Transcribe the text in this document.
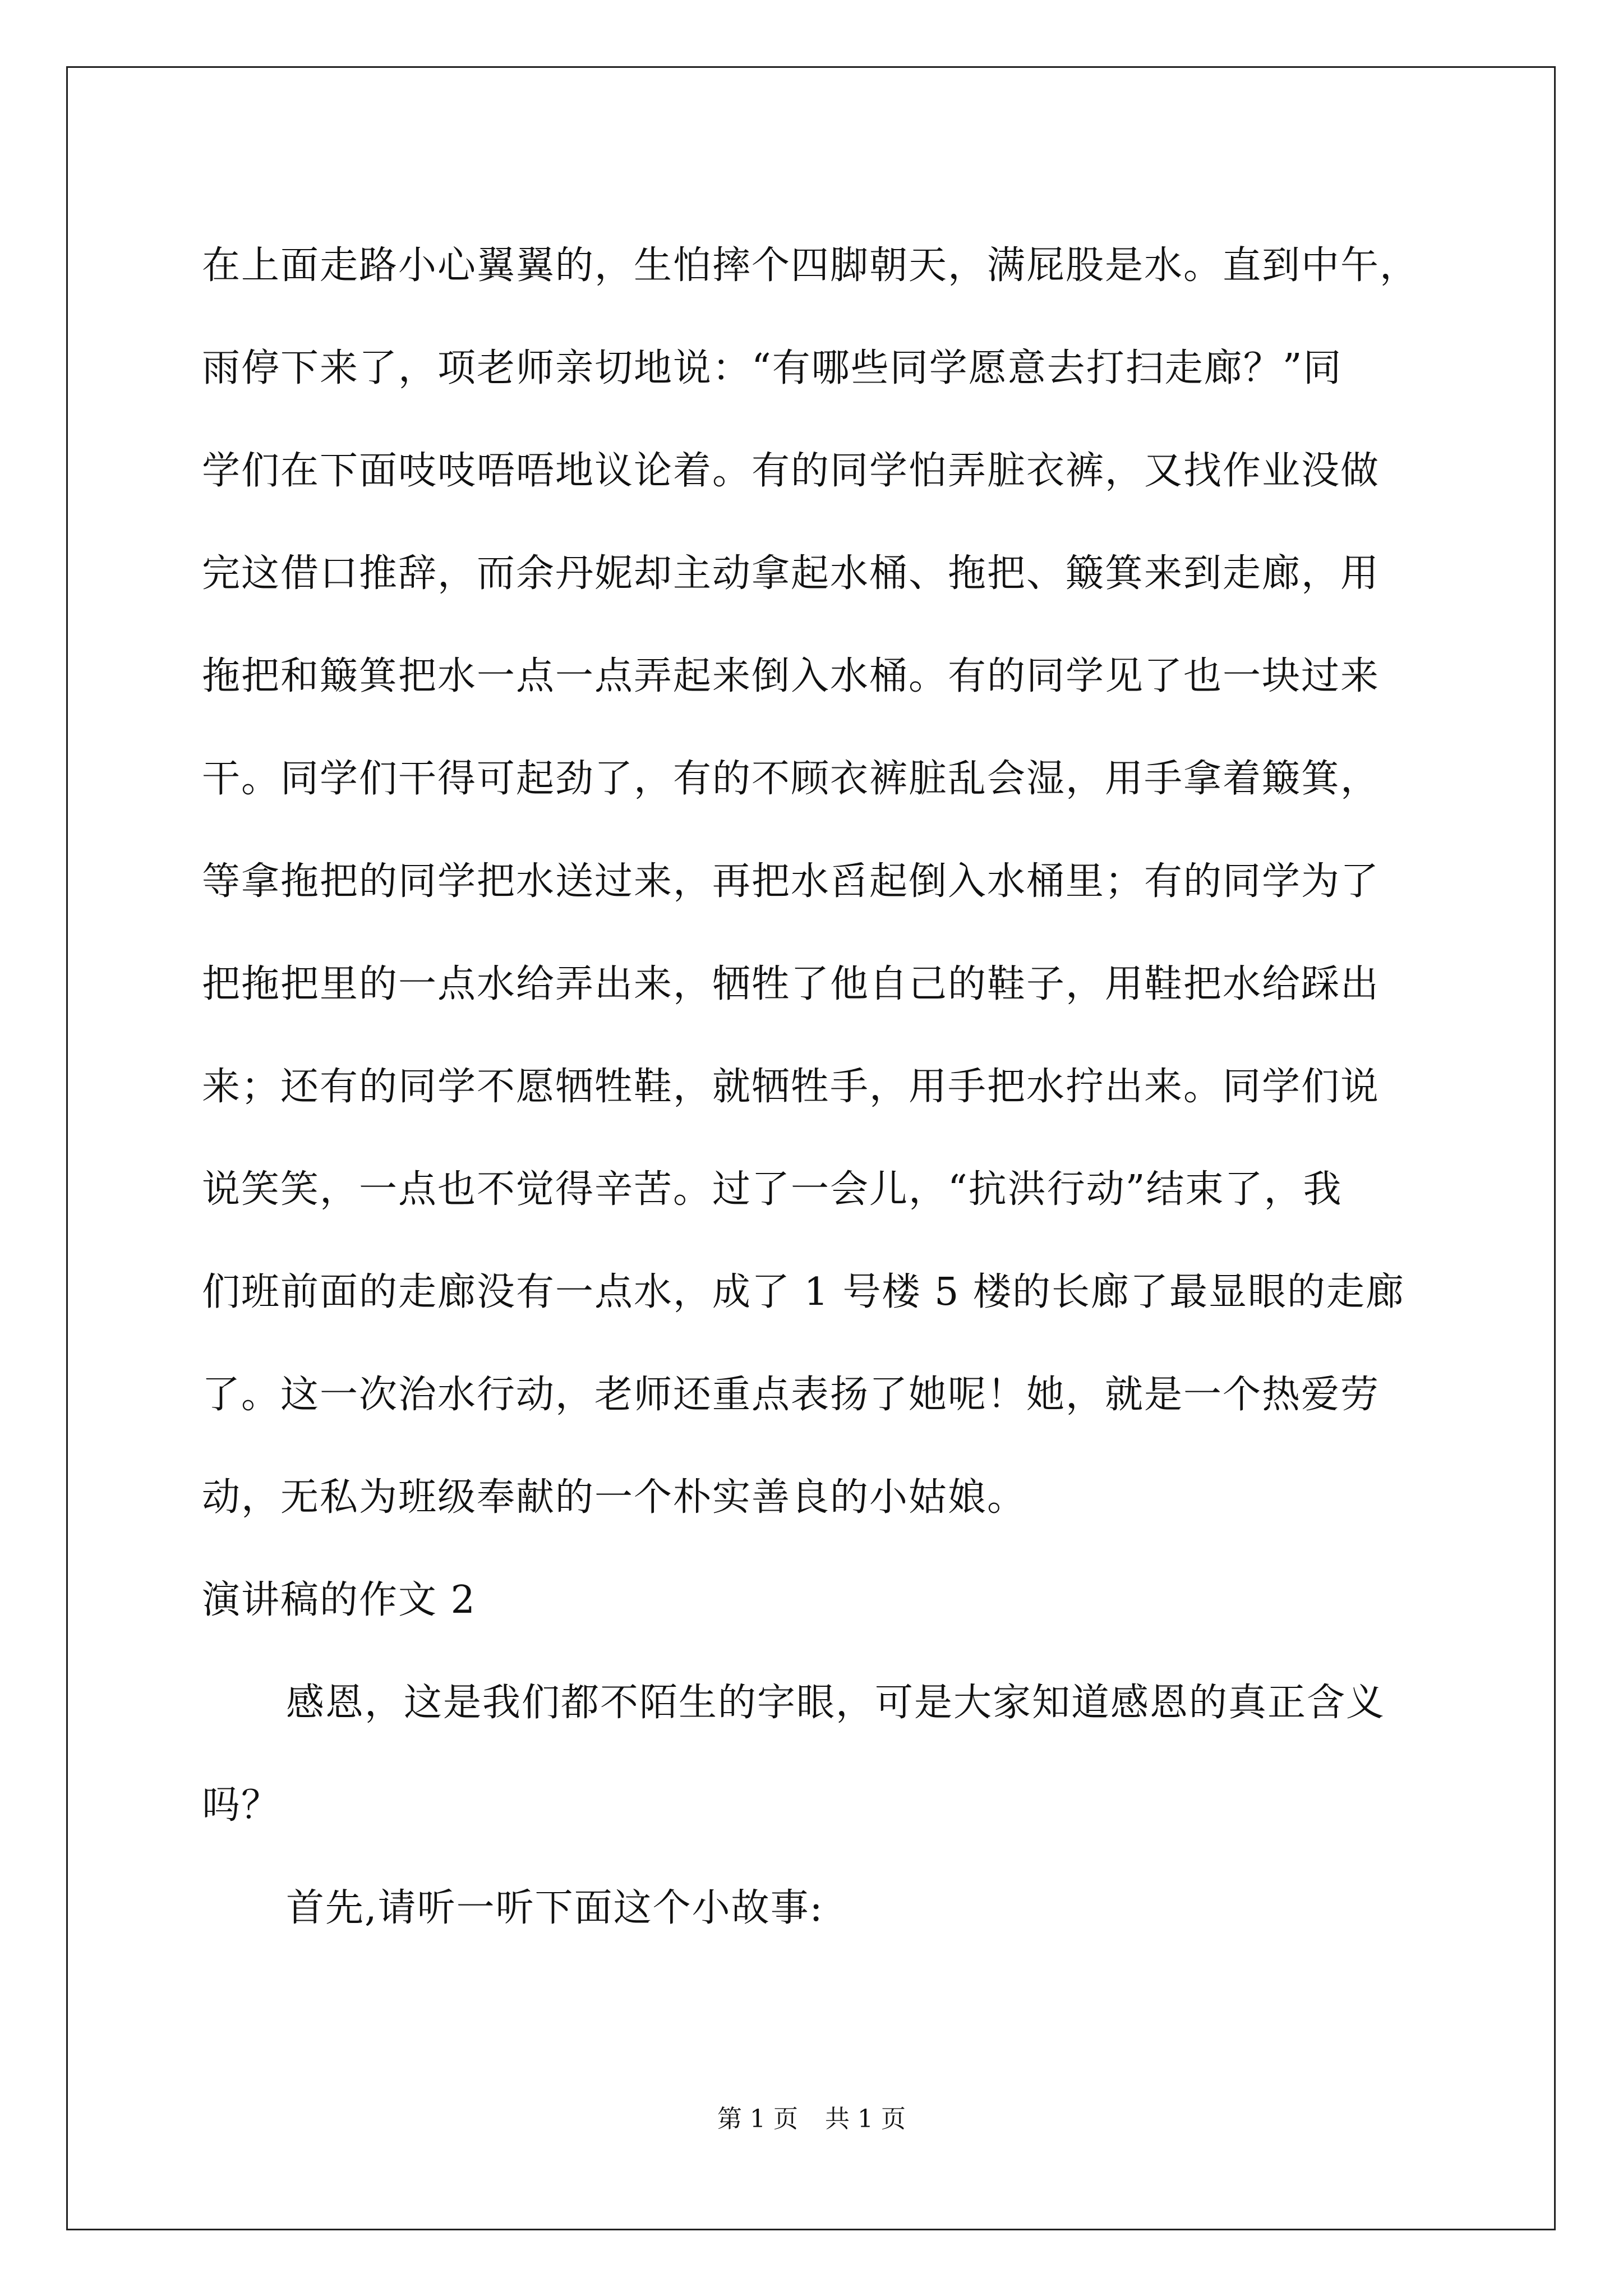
在上面走路小心翼翼的，生怕摔个四脚朝天，满屁股是水。直到中午，
雨停下来了，项老师亲切地说：“有哪些同学愿意去打扫走廊？”同
学们在下面吱吱唔唔地议论着。有的同学怕弄脏衣裤，又找作业没做
完这借口推辞，而余丹妮却主动拿起水桶、拖把、簸箕来到走廊，用
拖把和簸箕把水一点一点弄起来倒入水桶。有的同学见了也一块过来
干。同学们干得可起劲了，有的不顾衣裤脏乱会湿，用手拿着簸箕，
等拿拖把的同学把水送过来，再把水舀起倒入水桶里；有的同学为了
把拖把里的一点水给弄出来，牺牲了他自己的鞋子，用鞋把水给踩出
来；还有的同学不愿牺牲鞋，就牺牲手，用手把水拧出来。同学们说
说笑笑，一点也不觉得辛苦。过了一会儿，“抗洪行动”结束了，我
们班前面的走廊没有一点水，成了 1 号楼 5 楼的长廊了最显眼的走廊
了。这一次治水行动，老师还重点表扬了她呢！她，就是一个热爱劳
动，无私为班级奉献的一个朴实善良的小姑娘。
演讲稿的作文 2
感恩，这是我们都不陌生的字眼，可是大家知道感恩的真正含义
吗？
首先,请听一听下面这个小故事:
第 1 页 共 1 页
